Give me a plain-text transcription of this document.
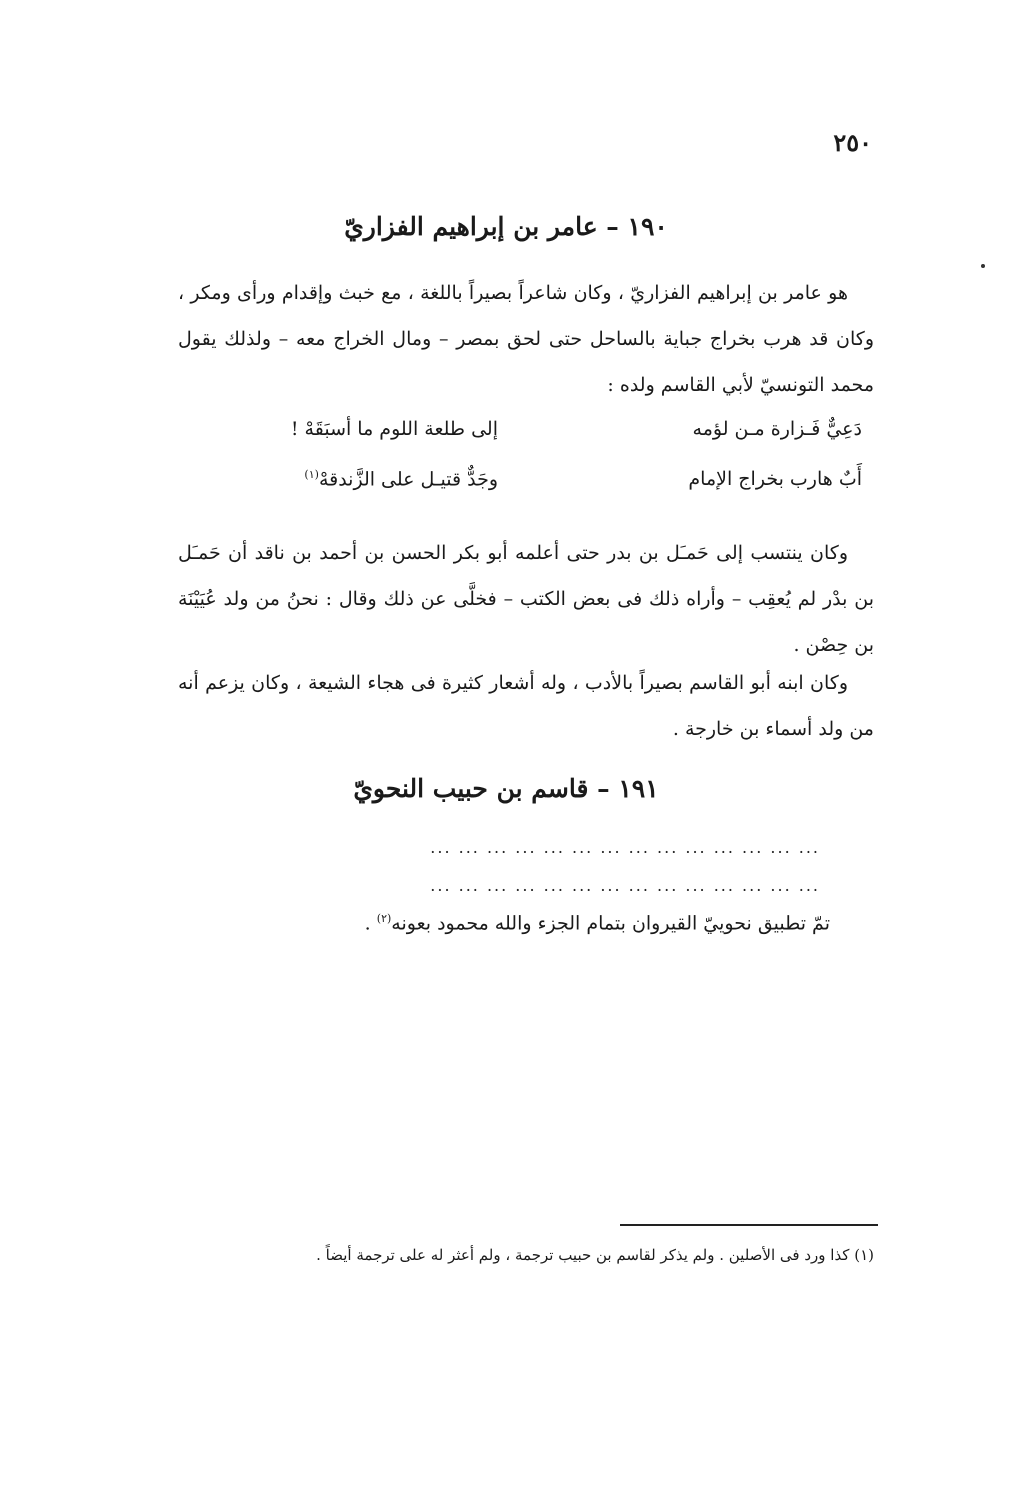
٢٥٠
١٩٠ – عامر بن إبراهيم الفزاريّ
هو عامر بن إبراهيم الفزاريّ ، وكان شاعراً بصيراً باللغة ، مع خبث وإقدام ورأى ومكر ، وكان قد هرب بخراج جباية بالساحل حتى لحق بمصر – ومال الخراج معه – ولذلك يقول محمد التونسيّ لأبي القاسم ولده :
دَعِيٌّ فَـزارة مـن لؤمه
إلى طلعة اللوم ما أسبَقَهْ !
أَبٌ هارب بخراج الإمام
وجَدٌّ قتيـل على الزَّندقهْ$^{(١)}$
وكان ينتسب إلى حَمـَل بن بدر حتى أعلمه أبو بكر الحسن بن أحمد بن ناقد أن حَمـَل بن بدْر لم يُعقِب – وأراه ذلك فى بعض الكتب – فخلَّى عن ذلك وقال : نحنُ من ولد عُيَيْنَة بن حِصْن .
وكان ابنه أبو القاسم بصيراً بالأدب ، وله أشعار كثيرة فى هجاء الشيعة ، وكان يزعم أنه من ولد أسماء بن خارجة .
١٩١ – قاسم بن حبيب النحويّ
... ... ... ... ... ... ... ... ... ... ... ... ... ...
... ... ... ... ... ... ... ... ... ... ... ... ... ...
تمّ تطبيق نحوييّ القيروان بتمام الجزء والله محمود بعونه$^{(٢)}$ .
(١) كذا ورد فى الأصلين . ولم يذكر لقاسم بن حبيب ترجمة ، ولم أعثر له على ترجمة أيضاً .
